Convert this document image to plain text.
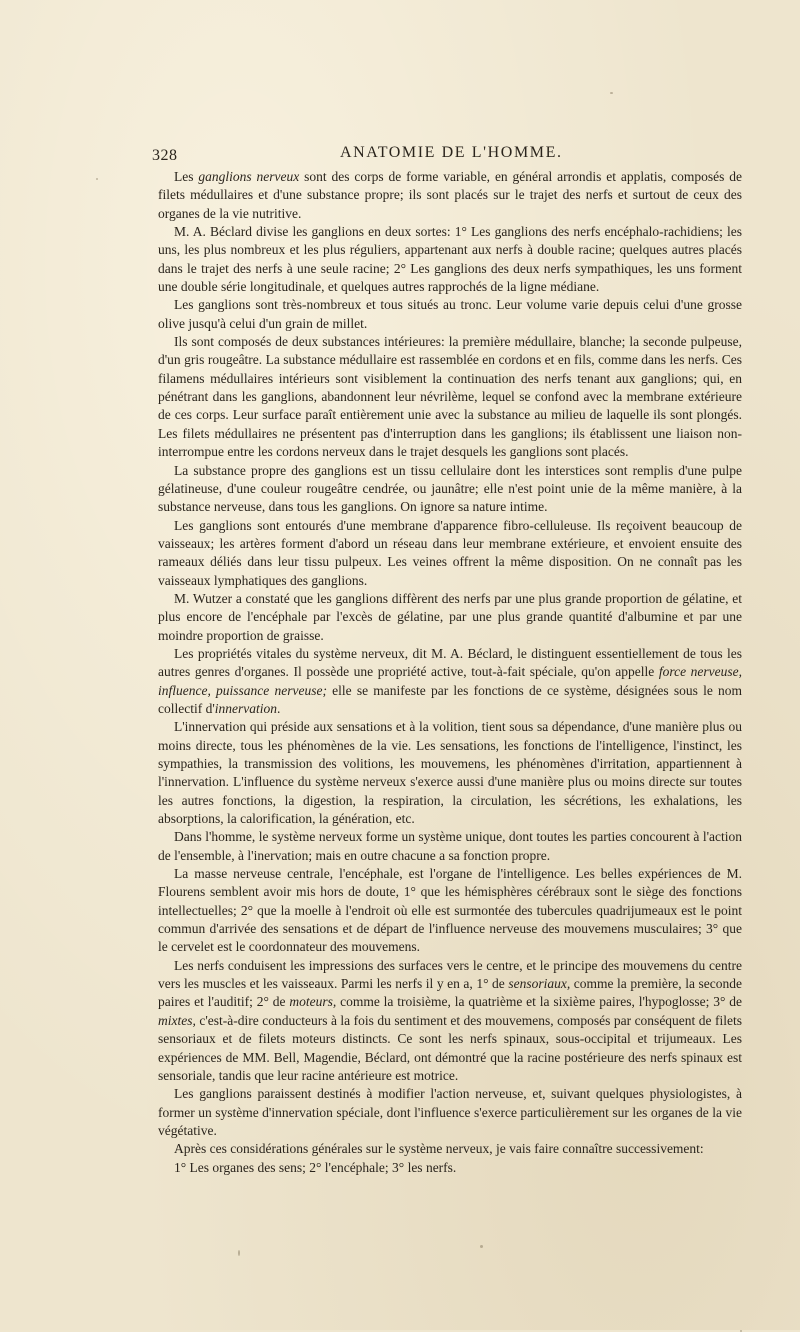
328	ANATOMIE DE L'HOMME.

Les ganglions nerveux sont des corps de forme variable, en général arrondis et applatis, composés de filets médullaires et d'une substance propre; ils sont placés sur le trajet des nerfs et surtout de ceux des organes de la vie nutritive.

M. A. Béclard divise les ganglions en deux sortes: 1° Les ganglions des nerfs encéphalo-rachidiens; les uns, les plus nombreux et les plus réguliers, appartenant aux nerfs à double racine; quelques autres placés dans le trajet des nerfs à une seule racine; 2° Les ganglions des deux nerfs sympathiques, les uns forment une double série longitudinale, et quelques autres rapprochés de la ligne médiane.

Les ganglions sont très-nombreux et tous situés au tronc. Leur volume varie depuis celui d'une grosse olive jusqu'à celui d'un grain de millet.

Ils sont composés de deux substances intérieures: la première médullaire, blanche; la seconde pulpeuse, d'un gris rougeâtre. La substance médullaire est rassemblée en cordons et en fils, comme dans les nerfs. Ces filamens médullaires intérieurs sont visiblement la continuation des nerfs tenant aux ganglions; qui, en pénétrant dans les ganglions, abandonnent leur névrilème, lequel se confond avec la membrane extérieure de ces corps. Leur surface paraît entièrement unie avec la substance au milieu de laquelle ils sont plongés. Les filets médullaires ne présentent pas d'interruption dans les ganglions; ils établissent une liaison non-interrompue entre les cordons nerveux dans le trajet desquels les ganglions sont placés.

La substance propre des ganglions est un tissu cellulaire dont les interstices sont remplis d'une pulpe gélatineuse, d'une couleur rougeâtre cendrée, ou jaunâtre; elle n'est point unie de la même manière, à la substance nerveuse, dans tous les ganglions. On ignore sa nature intime.

Les ganglions sont entourés d'une membrane d'apparence fibro-celluleuse. Ils reçoivent beaucoup de vaisseaux; les artères forment d'abord un réseau dans leur membrane extérieure, et envoient ensuite des rameaux déliés dans leur tissu pulpeux. Les veines offrent la même disposition. On ne connaît pas les vaisseaux lymphatiques des ganglions.

M. Wutzer a constaté que les ganglions diffèrent des nerfs par une plus grande proportion de gélatine, et plus encore de l'encéphale par l'excès de gélatine, par une plus grande quantité d'albumine et par une moindre proportion de graisse.

Les propriétés vitales du système nerveux, dit M. A. Béclard, le distinguent essentiellement de tous les autres genres d'organes. Il possède une propriété active, tout-à-fait spéciale, qu'on appelle force nerveuse, influence, puissance nerveuse; elle se manifeste par les fonctions de ce système, désignées sous le nom collectif d'innervation.

L'innervation qui préside aux sensations et à la volition, tient sous sa dépendance, d'une manière plus ou moins directe, tous les phénomènes de la vie. Les sensations, les fonctions de l'intelligence, l'instinct, les sympathies, la transmission des volitions, les mouvemens, les phénomènes d'irritation, appartiennent à l'innervation. L'influence du système nerveux s'exerce aussi d'une manière plus ou moins directe sur toutes les autres fonctions, la digestion, la respiration, la circulation, les sécrétions, les exhalations, les absorptions, la calorification, la génération, etc.

Dans l'homme, le système nerveux forme un système unique, dont toutes les parties concourent à l'action de l'ensemble, à l'inervation; mais en outre chacune a sa fonction propre.

La masse nerveuse centrale, l'encéphale, est l'organe de l'intelligence. Les belles expériences de M. Flourens semblent avoir mis hors de doute, 1° que les hémisphères cérébraux sont le siège des fonctions intellectuelles; 2° que la moelle à l'endroit où elle est surmontée des tubercules quadrijumeaux est le point commun d'arrivée des sensations et de départ de l'influence nerveuse des mouvemens musculaires; 3° que le cervelet est le coordonnateur des mouvemens.

Les nerfs conduisent les impressions des surfaces vers le centre, et le principe des mouvemens du centre vers les muscles et les vaisseaux. Parmi les nerfs il y en a, 1° de sensoriaux, comme la première, la seconde paires et l'auditif; 2° de moteurs, comme la troisième, la quatrième et la sixième paires, l'hypoglosse; 3° de mixtes, c'est-à-dire conducteurs à la fois du sentiment et des mouvemens, composés par conséquent de filets sensoriaux et de filets moteurs distincts. Ce sont les nerfs spinaux, sous-occipital et trijumeaux. Les expériences de MM. Bell, Magendie, Béclard, ont démontré que la racine postérieure des nerfs spinaux est sensoriale, tandis que leur racine antérieure est motrice.

Les ganglions paraissent destinés à modifier l'action nerveuse, et, suivant quelques physiologistes, à former un système d'innervation spéciale, dont l'influence s'exerce particulièrement sur les organes de la vie végétative.

Après ces considérations générales sur le système nerveux, je vais faire connaître successivement:

1° Les organes des sens; 2° l'encéphale; 3° les nerfs.
